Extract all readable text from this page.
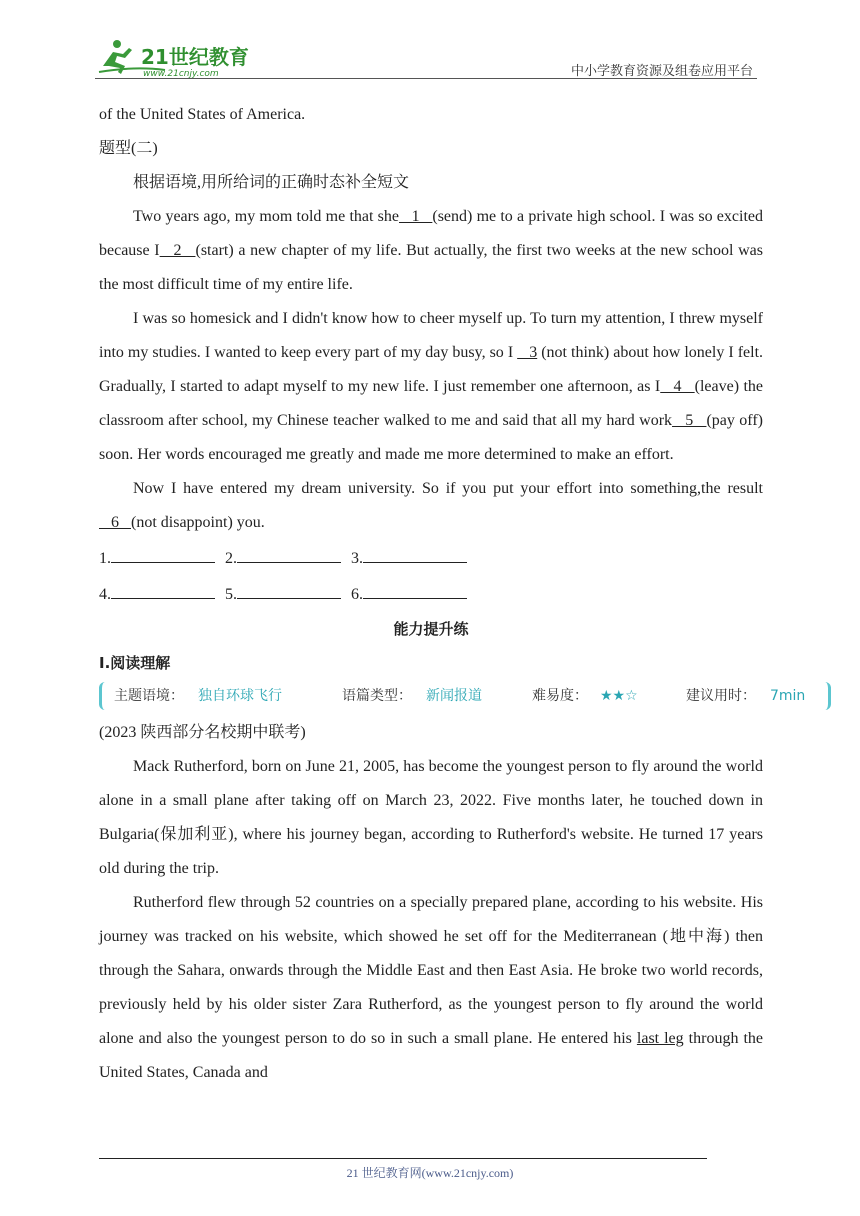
21世纪教育
www.21cnjy.com	中小学教育资源及组卷应用平台

of the United States of America.

题型(二)

根据语境,用所给词的正确时态补全短文

Two years ago, my mom told me that she   1   (send) me to a private high school. I was so excited because I   2   (start) a new chapter of my life. But actually, the first two weeks at the new school was the most difficult time of my entire life.

I was so homesick and I didn't know how to cheer myself up. To turn my attention, I threw myself into my studies. I wanted to keep every part of my day busy, so I    3 (not think) about how lonely I felt. Gradually, I started to adapt myself to my new life. I just remember one afternoon, as I   4   (leave) the classroom after school, my Chinese teacher walked to me and said that all my hard work   5   (pay off) soon. Her words encouraged me greatly and made me more determined to make an effort.

Now I have entered my dream university. So if you put your effort into something,the result   6   (not disappoint) you.

1.	2.	3.
4.	5.	6.
能力提升练
Ⅰ.阅读理解
主题语境： 独自环球飞行	语篇类型： 新闻报道	难易度： ★★☆	建议用时： 7min

(2023 陕西部分名校期中联考)

Mack Rutherford, born on June 21, 2005, has become the youngest person to fly around the world alone in a small plane after taking off on March 23, 2022. Five months later, he touched down in Bulgaria(保加利亚), where his journey began, according to Rutherford's website. He turned 17 years old during the trip.

Rutherford flew through 52 countries on a specially prepared plane, according to his website. His journey was tracked on his website, which showed he set off for the Mediterranean (地中海) then through the Sahara, onwards through the Middle East and then East Asia. He broke two world records, previously held by his older sister Zara Rutherford, as the youngest person to fly around the world alone and also the youngest person to do so in such a small plane. He entered his last leg through the United States, Canada and

21 世纪教育网(www.21cnjy.com)
